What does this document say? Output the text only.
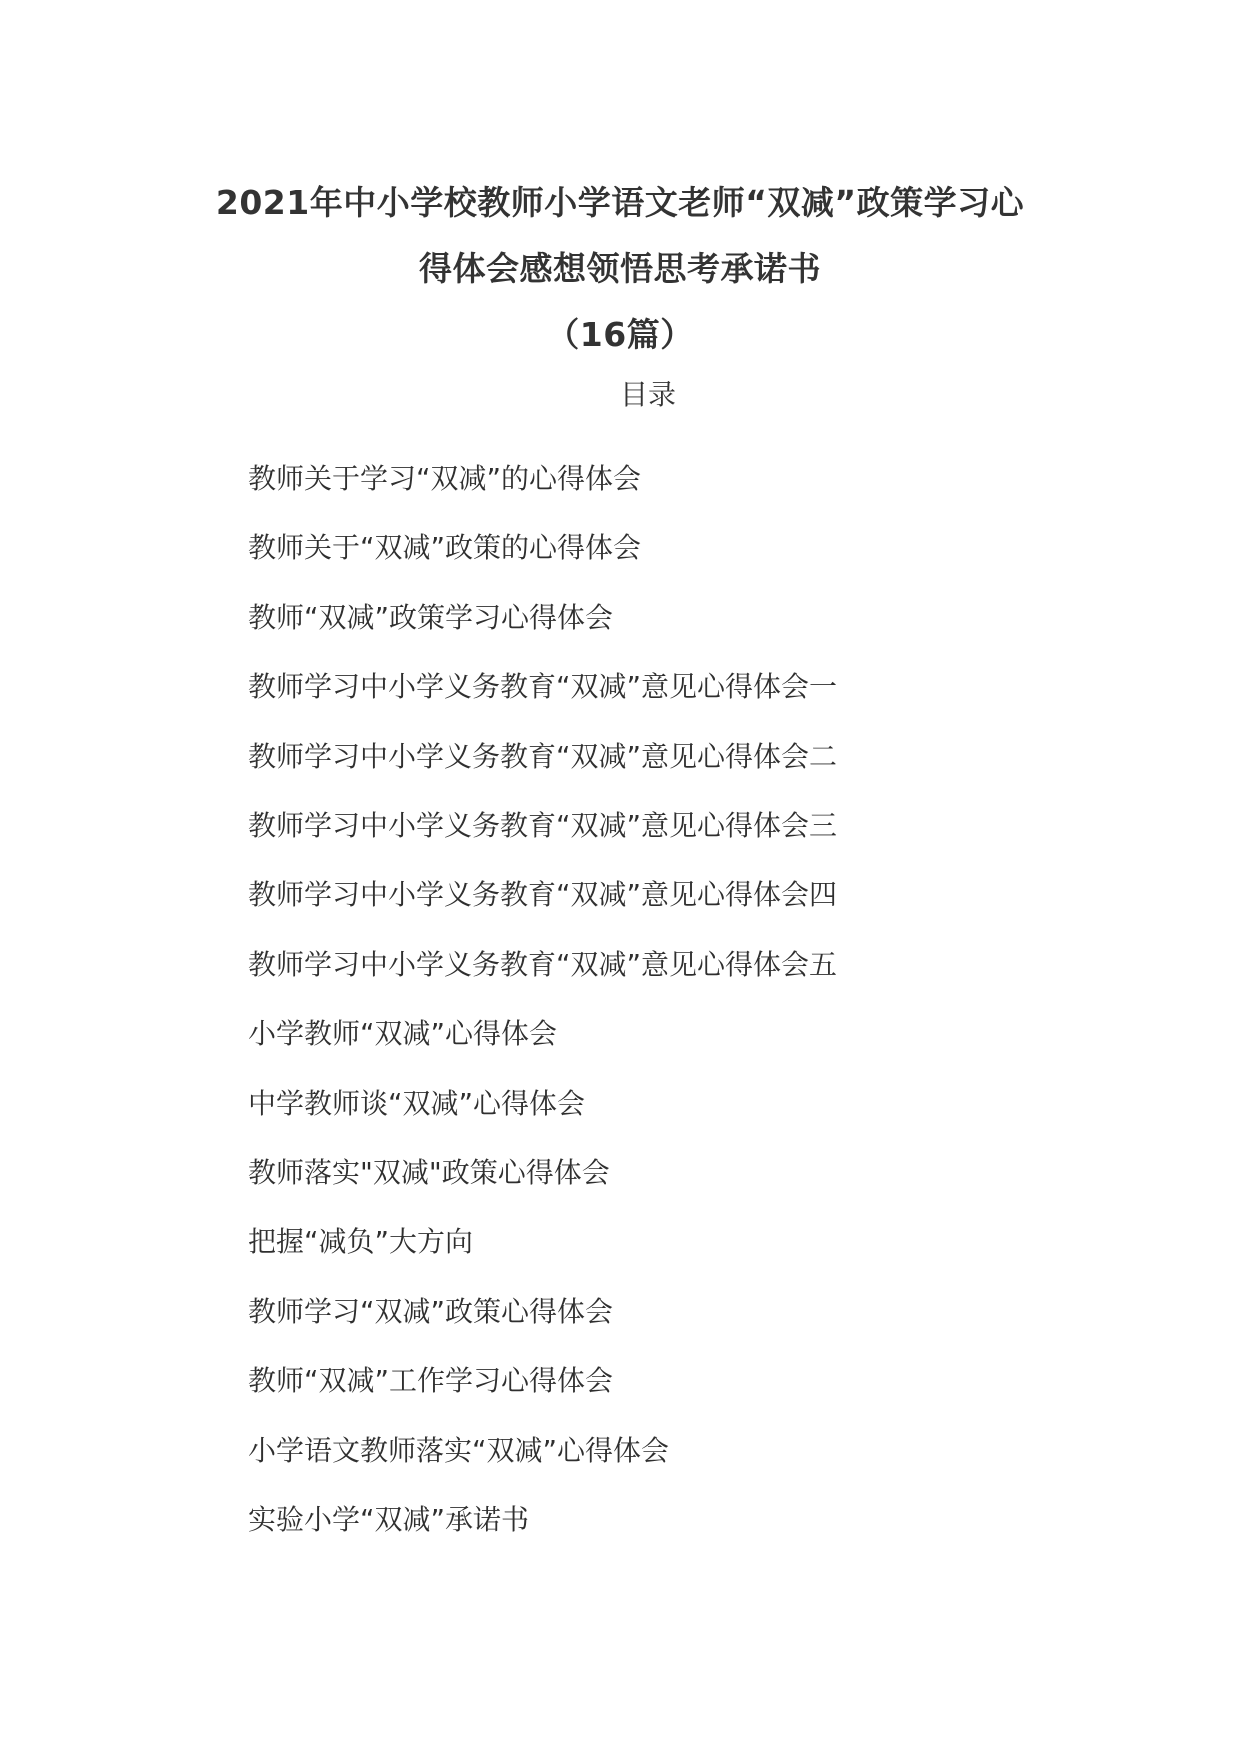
2021年中小学校教师小学语文老师“双减”政策学习心
得体会感想领悟思考承诺书
（16篇）
目录
教师关于学习“双减”的心得体会
教师关于“双减”政策的心得体会
教师“双减”政策学习心得体会
教师学习中小学义务教育“双减”意见心得体会一
教师学习中小学义务教育“双减”意见心得体会二
教师学习中小学义务教育“双减”意见心得体会三
教师学习中小学义务教育“双减”意见心得体会四
教师学习中小学义务教育“双减”意见心得体会五
小学教师“双减”心得体会
中学教师谈“双减”心得体会
教师落实"双减"政策心得体会
把握“减负”大方向
教师学习“双减”政策心得体会
教师“双减”工作学习心得体会
小学语文教师落实“双减”心得体会
实验小学“双减”承诺书
